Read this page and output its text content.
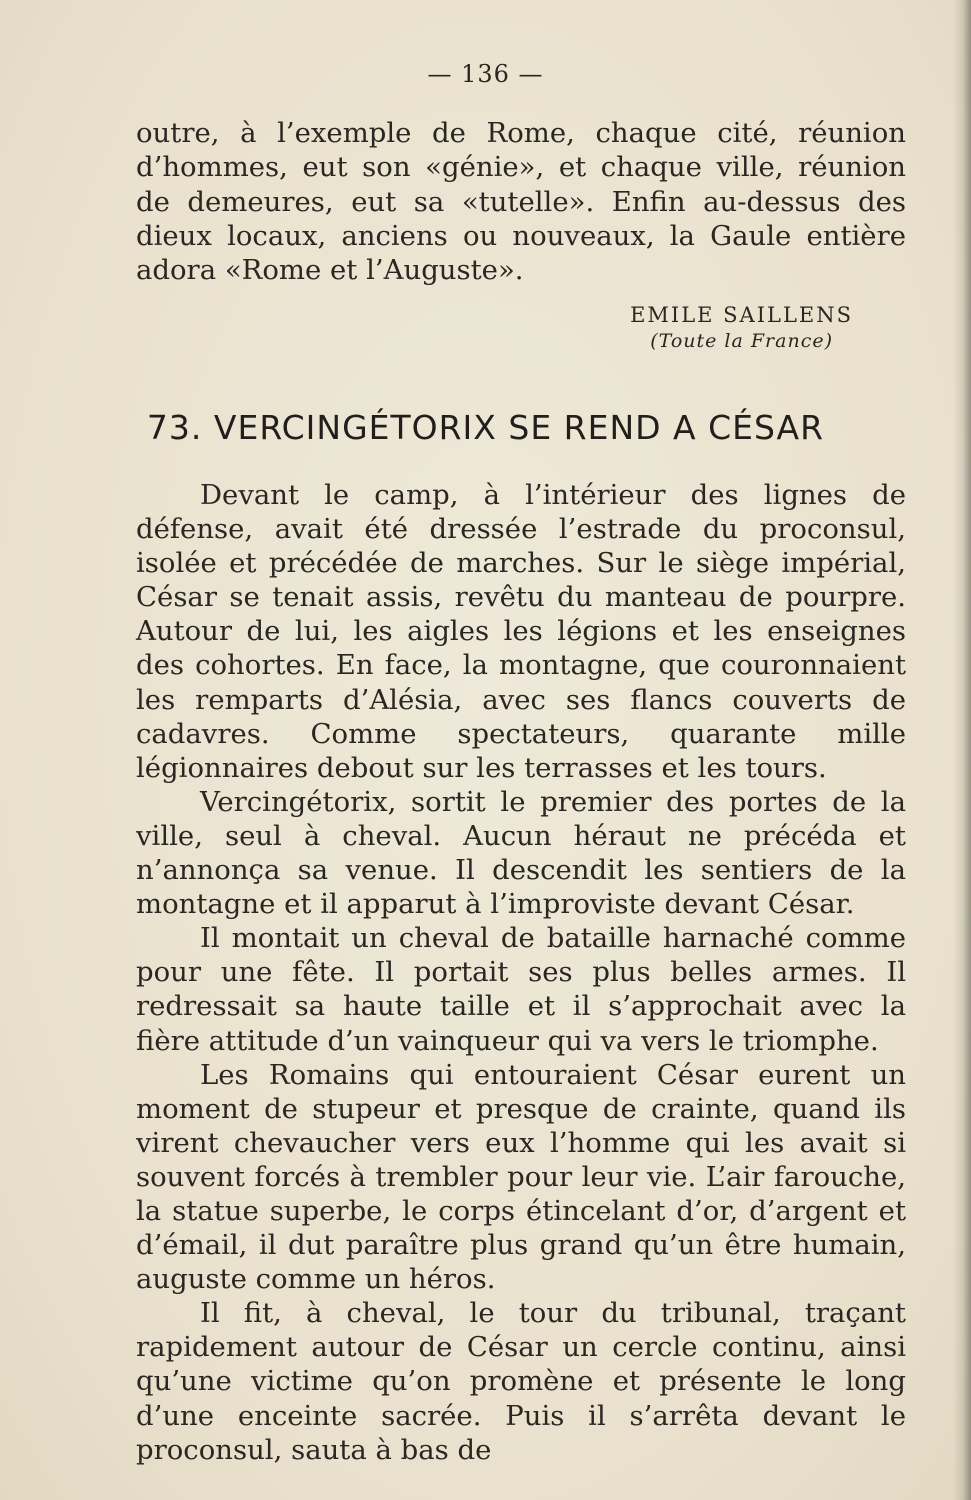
— 136 —

outre, à l’exemple de Rome, chaque cité, réunion d’hommes, eut son «génie», et chaque ville, réunion de demeures, eut sa «tutelle». Enfin au-dessus des dieux locaux, anciens ou nouveaux, la Gaule entière adora «Rome et l’Auguste».

EMILE SAILLENS
(Toute la France)
73. VERCINGÉTORIX SE REND A CÉSAR

Devant le camp, à l’intérieur des lignes de défense, avait été dressée l’estrade du proconsul, isolée et précédée de marches. Sur le siège impérial, César se tenait assis, revêtu du manteau de pourpre. Autour de lui, les aigles les légions et les enseignes des cohortes. En face, la montagne, que couronnaient les remparts d’Alésia, avec ses flancs couverts de cadavres. Comme spectateurs, quarante mille légionnaires debout sur les terrasses et les tours.

Vercingétorix, sortit le premier des portes de la ville, seul à cheval. Aucun héraut ne précéda et n’annonça sa venue. Il descendit les sentiers de la montagne et il apparut à l’improviste devant César.

Il montait un cheval de bataille harnaché comme pour une fête. Il portait ses plus belles armes. Il redressait sa haute taille et il s’approchait avec la fière attitude d’un vainqueur qui va vers le triomphe.

Les Romains qui entouraient César eurent un moment de stupeur et presque de crainte, quand ils virent chevaucher vers eux l’homme qui les avait si souvent forcés à trembler pour leur vie. L’air farouche, la statue superbe, le corps étincelant d’or, d’argent et d’émail, il dut paraître plus grand qu’un être humain, auguste comme un héros.

Il fit, à cheval, le tour du tribunal, traçant rapidement autour de César un cercle continu, ainsi qu’une victime qu’on promène et présente le long d’une enceinte sacrée. Puis il s’arrêta devant le proconsul, sauta à bas de
